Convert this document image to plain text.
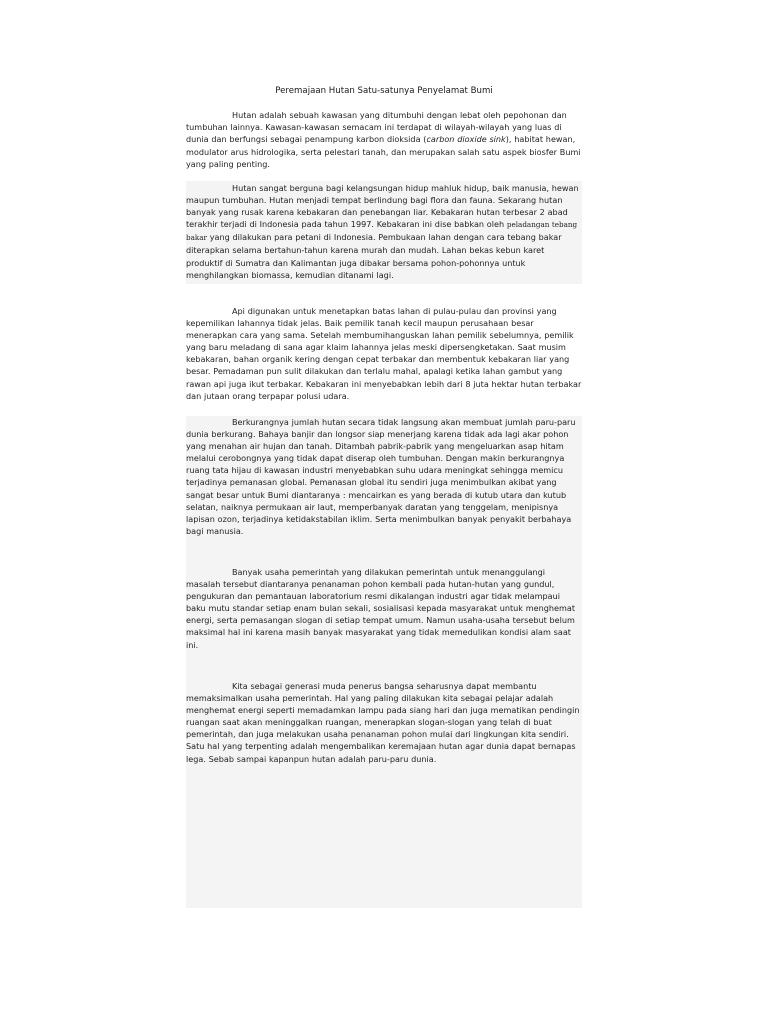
Peremajaan Hutan Satu-satunya Penyelamat Bumi

Hutan adalah sebuah kawasan yang ditumbuhi dengan lebat oleh pepohonan dan tumbuhan lainnya. Kawasan-kawasan semacam ini terdapat di wilayah-wilayah yang luas di dunia dan berfungsi sebagai penampung karbon dioksida (carbon dioxide sink), habitat hewan, modulator arus hidrologika, serta pelestari tanah, dan merupakan salah satu aspek biosfer Bumi yang paling penting.

Hutan sangat berguna bagi kelangsungan hidup mahluk hidup, baik manusia, hewan maupun tumbuhan. Hutan menjadi tempat berlindung bagi flora dan fauna. Sekarang hutan banyak yang rusak karena kebakaran dan penebangan liar. Kebakaran hutan terbesar 2 abad terakhir terjadi di Indonesia pada tahun 1997. Kebakaran ini dise babkan oleh peladangan tebang bakar yang dilakukan para petani di Indonesia. Pembukaan lahan dengan cara tebang bakar diterapkan selama bertahun-tahun karena murah dan mudah. Lahan bekas kebun karet produktif di Sumatra dan Kalimantan juga dibakar bersama pohon-pohonnya untuk menghilangkan biomassa, kemudian ditanami lagi.

Api digunakan untuk menetapkan batas lahan di pulau-pulau dan provinsi yang kepemilikan lahannya tidak jelas. Baik pemilik tanah kecil maupun perusahaan besar menerapkan cara yang sama. Setelah membumihanguskan lahan pemilik sebelumnya, pemilik yang baru meladang di sana agar klaim lahannya jelas meski dipersengketakan. Saat musim kebakaran, bahan organik kering dengan cepat terbakar dan membentuk kebakaran liar yang besar. Pemadaman pun sulit dilakukan dan terlalu mahal, apalagi ketika lahan gambut yang rawan api juga ikut terbakar. Kebakaran ini menyebabkan lebih dari 8 juta hektar hutan terbakar dan jutaan orang terpapar polusi udara.

Berkurangnya jumlah hutan secara tidak langsung akan membuat jumlah paru-paru dunia berkurang. Bahaya banjir dan longsor siap menerjang karena tidak ada lagi akar pohon yang menahan air hujan dan tanah. Ditambah pabrik-pabrik yang mengeluarkan asap hitam melalui cerobongnya yang tidak dapat diserap oleh tumbuhan. Dengan makin berkurangnya ruang tata hijau di kawasan industri menyebabkan suhu udara meningkat sehingga memicu terjadinya pemanasan global. Pemanasan global itu sendiri juga menimbulkan akibat yang sangat besar untuk Bumi diantaranya : mencairkan es yang berada di kutub utara dan kutub selatan, naiknya permukaan air laut, memperbanyak daratan yang tenggelam, menipisnya lapisan ozon, terjadinya ketidakstabilan iklim. Serta menimbulkan banyak penyakit berbahaya bagi manusia.

Banyak usaha pemerintah yang dilakukan pemerintah untuk menanggulangi masalah tersebut diantaranya penanaman pohon kembali pada hutan-hutan yang gundul, pengukuran dan pemantauan laboratorium resmi dikalangan industri agar tidak melampaui baku mutu standar setiap enam bulan sekali, sosialisasi kepada masyarakat untuk menghemat energi, serta pemasangan slogan di setiap tempat umum. Namun usaha-usaha tersebut belum maksimal hal ini karena masih banyak masyarakat yang tidak memedulikan kondisi alam saat ini.

Kita sebagai generasi muda penerus bangsa seharusnya dapat membantu memaksimalkan usaha pemerintah. Hal yang paling dilakukan kita sebagai pelajar adalah menghemat energi seperti memadamkan lampu pada siang hari dan juga mematikan pendingin ruangan saat akan meninggalkan ruangan, menerapkan slogan-slogan yang telah di buat pemerintah, dan juga melakukan usaha penanaman pohon mulai dari lingkungan kita sendiri. Satu hal yang terpenting adalah mengembalikan keremajaan hutan agar dunia dapat bernapas lega. Sebab sampai kapanpun hutan adalah paru-paru dunia.
